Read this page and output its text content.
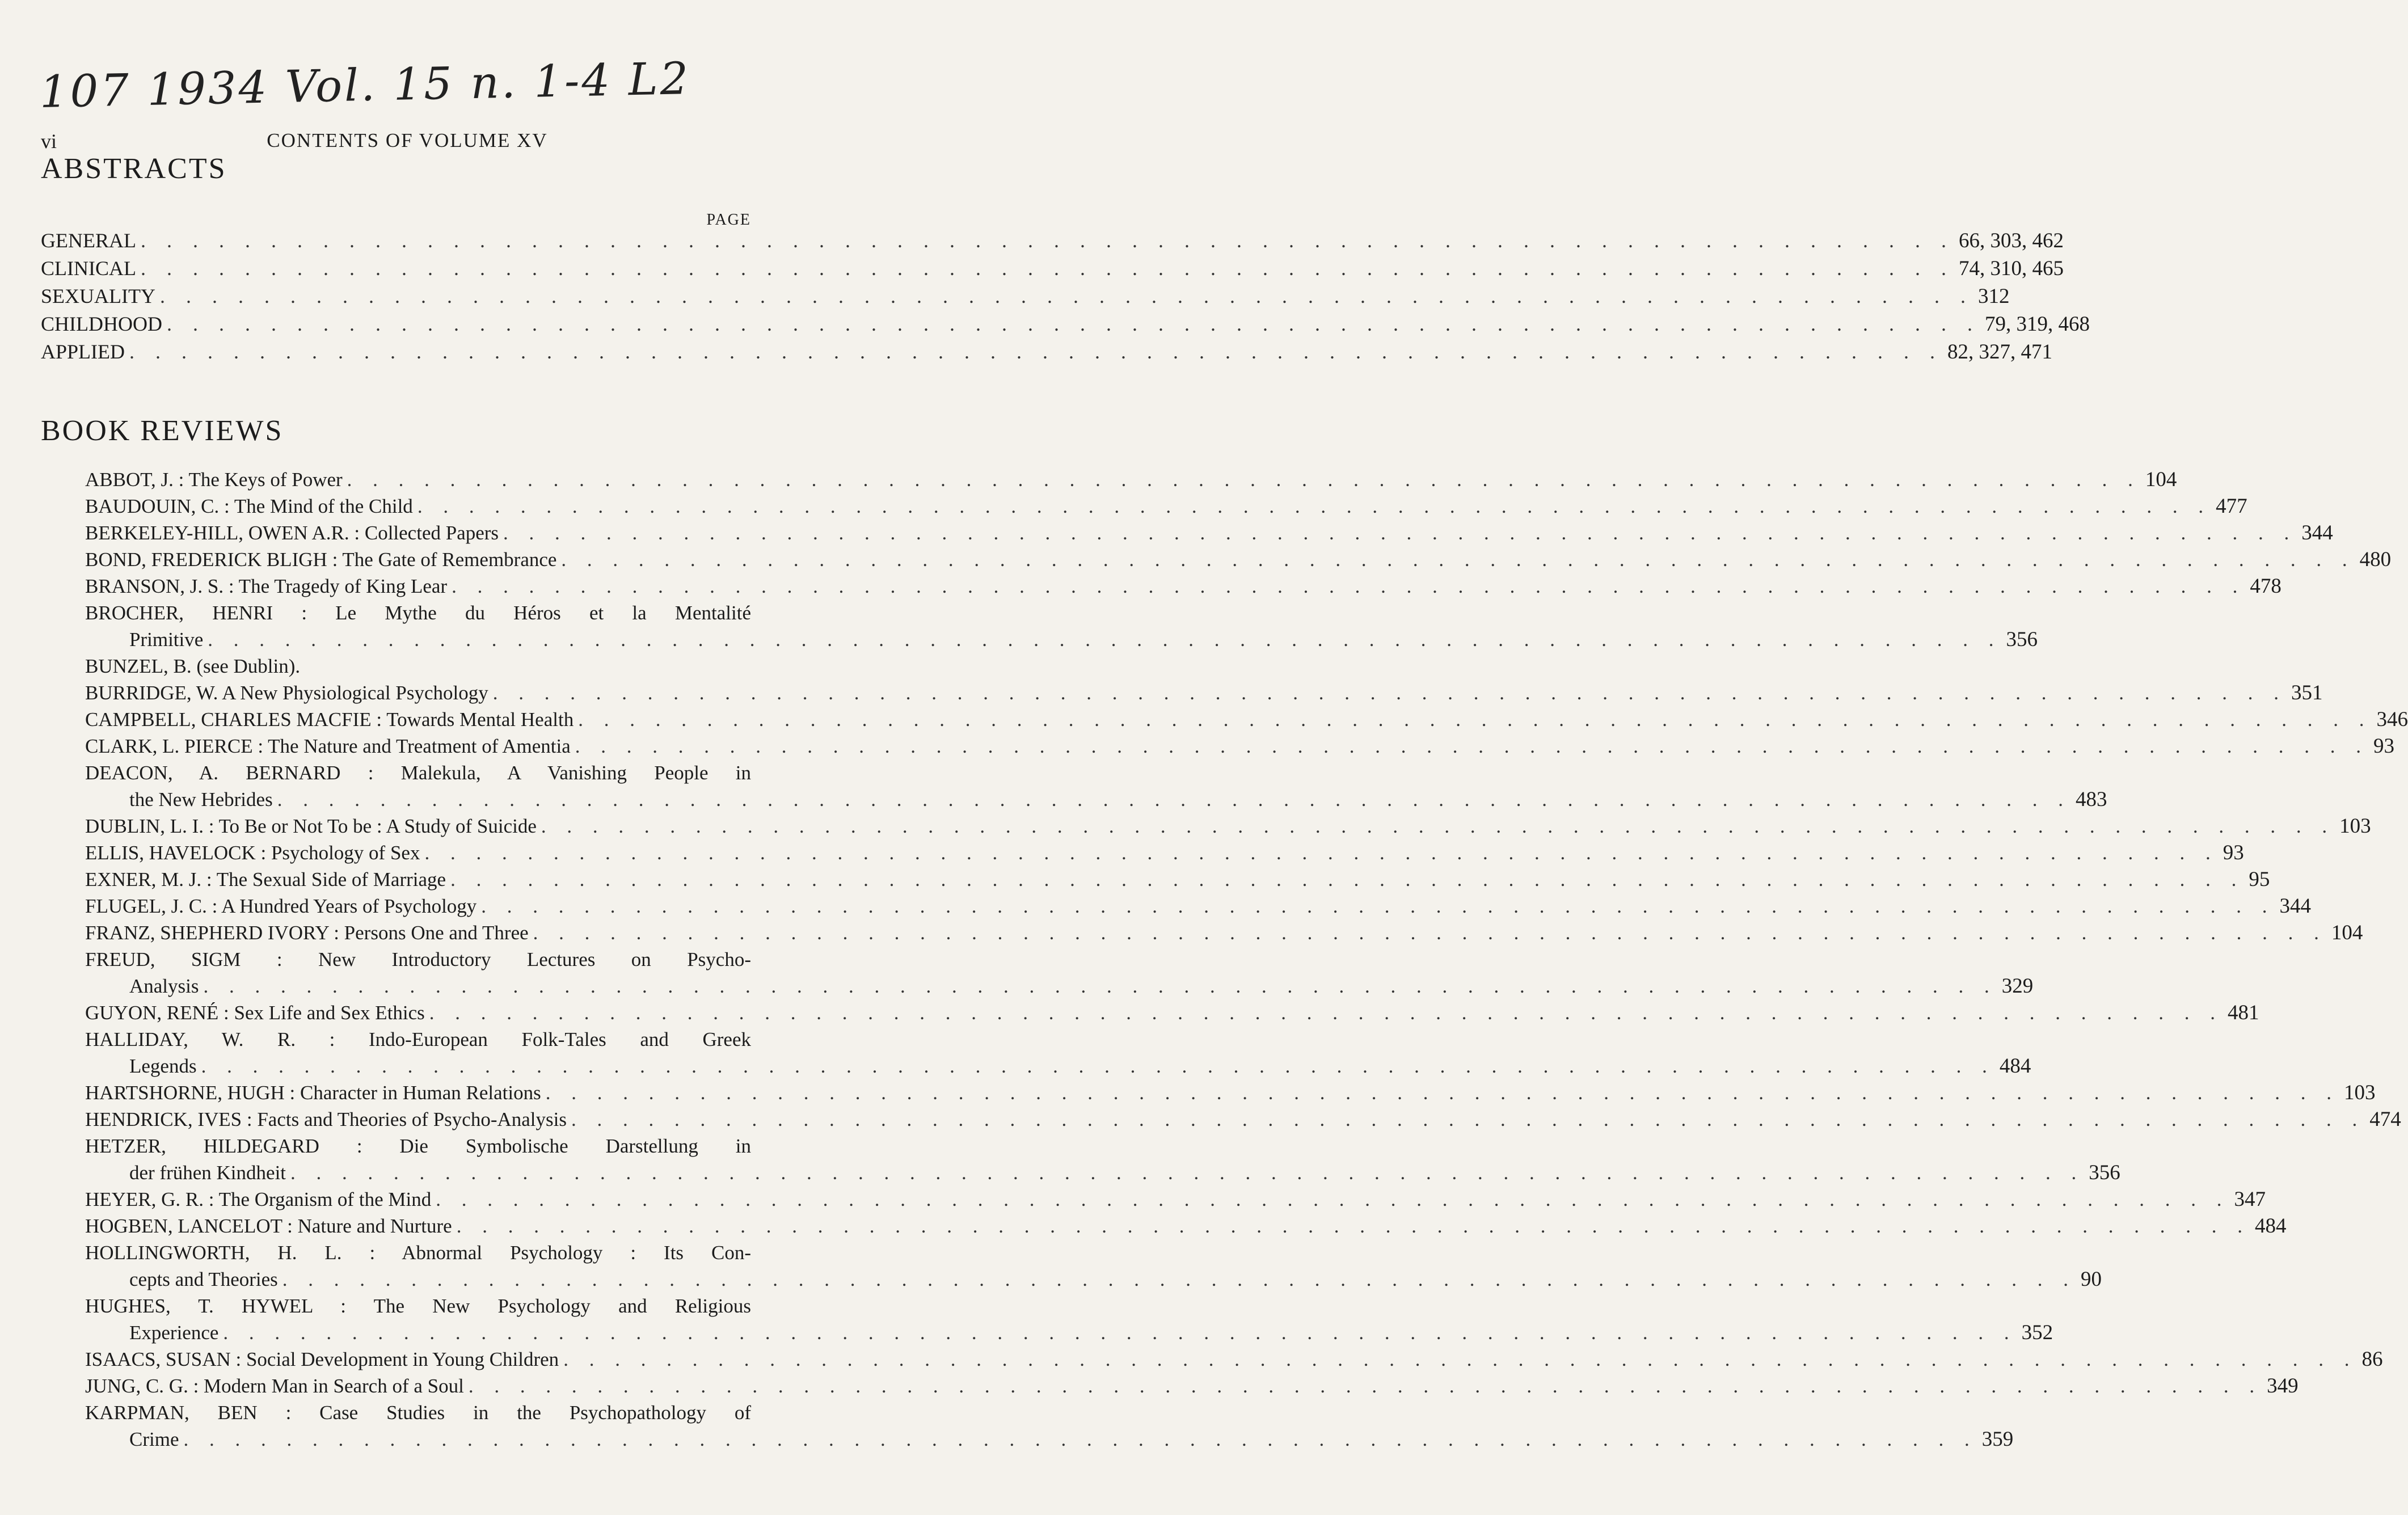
107 1934 Vol. 15 n. 1-4 L2
vi	CONTENTS OF VOLUME XV
ABSTRACTS
PAGE
GENERAL . . . . . . . . . . . . . . . . . . . . . . . . . . . . . . . . . . . . . . . . . . . . . . . . . . . . . . . . . . . . . . . . . . . . . . 66, 303, 462
CLINICAL . . . . . . . . . . . . . . . . . . . . . . . . . . . . . . . . . . . . . . . . . . . . . . . . . . . . . . . . . . . . . . . . . . . . . . 74, 310, 465
SEXUALITY . . . . . . . . . . . . . . . . . . . . . . . . . . . . . . . . . . . . . . . . . . . . . . . . . . . . . . . . . . . . . . . . . . . . . . 312
CHILDHOOD . . . . . . . . . . . . . . . . . . . . . . . . . . . . . . . . . . . . . . . . . . . . . . . . . . . . . . . . . . . . . . . . . . . . . . 79, 319, 468
APPLIED . . . . . . . . . . . . . . . . . . . . . . . . . . . . . . . . . . . . . . . . . . . . . . . . . . . . . . . . . . . . . . . . . . . . . . 82, 327, 471
BOOK REVIEWS
ABBOT, J. : The Keys of Power . . . . . . . . . . . . . . . . . . . . . . . . . . . . . . . . . . . . . . . . . . . . . . . . . . . . . . . . . . . . . . . . . . . . . . 104
BAUDOUIN, C. : The Mind of the Child . . . . . . . . . . . . . . . . . . . . . . . . . . . . . . . . . . . . . . . . . . . . . . . . . . . . . . . . . . . . . . . . . . . . . . 477
BERKELEY-HILL, OWEN A.R. : Collected Papers . . . . . . . . . . . . . . . . . . . . . . . . . . . . . . . . . . . . . . . . . . . . . . . . . . . . . . . . . . . . . . . . . . . . . . 344
BOND, FREDERICK BLIGH : The Gate of Remembrance . . . . . . . . . . . . . . . . . . . . . . . . . . . . . . . . . . . . . . . . . . . . . . . . . . . . . . . . . . . . . . . . . . . . . . 480
BRANSON, J. S. : The Tragedy of King Lear . . . . . . . . . . . . . . . . . . . . . . . . . . . . . . . . . . . . . . . . . . . . . . . . . . . . . . . . . . . . . . . . . . . . . . 478
BROCHER, HENRI : Le Mythe du Héros et la Mentalité
Primitive . . . . . . . . . . . . . . . . . . . . . . . . . . . . . . . . . . . . . . . . . . . . . . . . . . . . . . . . . . . . . . . . . . . . . . 356
BUNZEL, B. (see Dublin).
BURRIDGE, W. A New Physiological Psychology . . . . . . . . . . . . . . . . . . . . . . . . . . . . . . . . . . . . . . . . . . . . . . . . . . . . . . . . . . . . . . . . . . . . . . 351
CAMPBELL, CHARLES MACFIE : Towards Mental Health . . . . . . . . . . . . . . . . . . . . . . . . . . . . . . . . . . . . . . . . . . . . . . . . . . . . . . . . . . . . . . . . . . . . . . 346
CLARK, L. PIERCE : The Nature and Treatment of Amentia . . . . . . . . . . . . . . . . . . . . . . . . . . . . . . . . . . . . . . . . . . . . . . . . . . . . . . . . . . . . . . . . . . . . . . 93
DEACON, A. BERNARD : Malekula, A Vanishing People in
the New Hebrides . . . . . . . . . . . . . . . . . . . . . . . . . . . . . . . . . . . . . . . . . . . . . . . . . . . . . . . . . . . . . . . . . . . . . . 483
DUBLIN, L. I. : To Be or Not To be : A Study of Suicide . . . . . . . . . . . . . . . . . . . . . . . . . . . . . . . . . . . . . . . . . . . . . . . . . . . . . . . . . . . . . . . . . . . . . . 103
ELLIS, HAVELOCK : Psychology of Sex . . . . . . . . . . . . . . . . . . . . . . . . . . . . . . . . . . . . . . . . . . . . . . . . . . . . . . . . . . . . . . . . . . . . . . 93
EXNER, M. J. : The Sexual Side of Marriage . . . . . . . . . . . . . . . . . . . . . . . . . . . . . . . . . . . . . . . . . . . . . . . . . . . . . . . . . . . . . . . . . . . . . . 95
FLUGEL, J. C. : A Hundred Years of Psychology . . . . . . . . . . . . . . . . . . . . . . . . . . . . . . . . . . . . . . . . . . . . . . . . . . . . . . . . . . . . . . . . . . . . . . 344
FRANZ, SHEPHERD IVORY : Persons One and Three . . . . . . . . . . . . . . . . . . . . . . . . . . . . . . . . . . . . . . . . . . . . . . . . . . . . . . . . . . . . . . . . . . . . . . 104
FREUD, SIGM : New Introductory Lectures on Psycho-
Analysis . . . . . . . . . . . . . . . . . . . . . . . . . . . . . . . . . . . . . . . . . . . . . . . . . . . . . . . . . . . . . . . . . . . . . . 329
GUYON, RENÉ : Sex Life and Sex Ethics . . . . . . . . . . . . . . . . . . . . . . . . . . . . . . . . . . . . . . . . . . . . . . . . . . . . . . . . . . . . . . . . . . . . . . 481
HALLIDAY, W. R. : Indo-European Folk-Tales and Greek
Legends . . . . . . . . . . . . . . . . . . . . . . . . . . . . . . . . . . . . . . . . . . . . . . . . . . . . . . . . . . . . . . . . . . . . . . 484
HARTSHORNE, HUGH : Character in Human Relations . . . . . . . . . . . . . . . . . . . . . . . . . . . . . . . . . . . . . . . . . . . . . . . . . . . . . . . . . . . . . . . . . . . . . . 103
HENDRICK, IVES : Facts and Theories of Psycho-Analysis . . . . . . . . . . . . . . . . . . . . . . . . . . . . . . . . . . . . . . . . . . . . . . . . . . . . . . . . . . . . . . . . . . . . . . 474
HETZER, HILDEGARD : Die Symbolische Darstellung in
der frühen Kindheit . . . . . . . . . . . . . . . . . . . . . . . . . . . . . . . . . . . . . . . . . . . . . . . . . . . . . . . . . . . . . . . . . . . . . . 356
HEYER, G. R. : The Organism of the Mind . . . . . . . . . . . . . . . . . . . . . . . . . . . . . . . . . . . . . . . . . . . . . . . . . . . . . . . . . . . . . . . . . . . . . . 347
HOGBEN, LANCELOT : Nature and Nurture . . . . . . . . . . . . . . . . . . . . . . . . . . . . . . . . . . . . . . . . . . . . . . . . . . . . . . . . . . . . . . . . . . . . . . 484
HOLLINGWORTH, H. L. : Abnormal Psychology : Its Con-
cepts and Theories . . . . . . . . . . . . . . . . . . . . . . . . . . . . . . . . . . . . . . . . . . . . . . . . . . . . . . . . . . . . . . . . . . . . . . 90
HUGHES, T. HYWEL : The New Psychology and Religious
Experience . . . . . . . . . . . . . . . . . . . . . . . . . . . . . . . . . . . . . . . . . . . . . . . . . . . . . . . . . . . . . . . . . . . . . . 352
ISAACS, SUSAN : Social Development in Young Children . . . . . . . . . . . . . . . . . . . . . . . . . . . . . . . . . . . . . . . . . . . . . . . . . . . . . . . . . . . . . . . . . . . . . . 86
JUNG, C. G. : Modern Man in Search of a Soul . . . . . . . . . . . . . . . . . . . . . . . . . . . . . . . . . . . . . . . . . . . . . . . . . . . . . . . . . . . . . . . . . . . . . . 349
KARPMAN, BEN : Case Studies in the Psychopathology of
Crime . . . . . . . . . . . . . . . . . . . . . . . . . . . . . . . . . . . . . . . . . . . . . . . . . . . . . . . . . . . . . . . . . . . . . . 359
